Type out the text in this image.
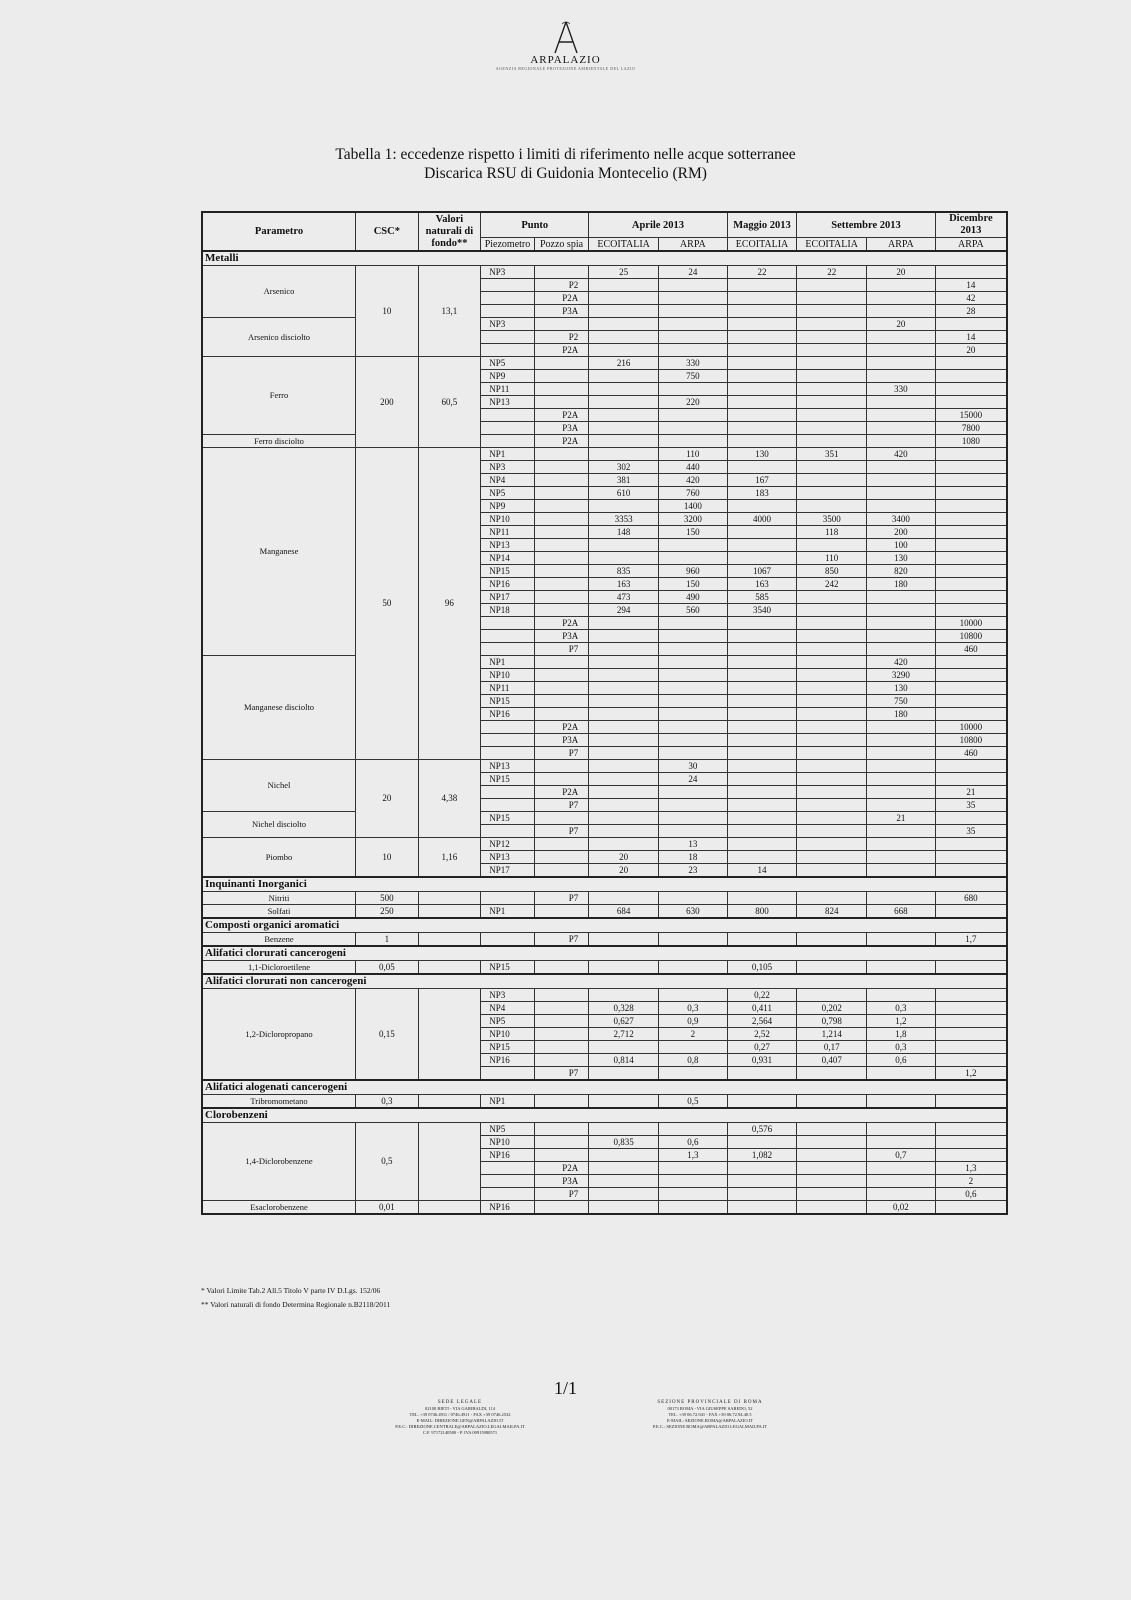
ARPALAZIO
AGENZIA REGIONALE PROTEZIONE AMBIENTALE DEL LAZIO
Tabella 1: eccedenze rispetto i limiti di riferimento nelle acque sotterranee
Discarica RSU di Guidonia Montecelio (RM)
Parametro	CSC*	Valori naturali di fondo**	Punto		Aprile 2013		Maggio 2013	Settembre 2013		Dicembre 2013
			Piezometro	Pozzo spia	ECOITALIA	ARPA	ECOITALIA	ECOITALIA	ARPA	ARPA
Metalli										
Arsenico	10	13,1	NP3		25	24	22	22	20	
				P2						14
				P2A						42
				P3A						28
Arsenico disciolto			NP3						20	
				P2						14
				P2A						20
Ferro	200	60,5	NP5		216	330				
			NP9			750				
			NP11						330	
			NP13			220				
				P2A						15000
				P3A						7800
Ferro disciolto				P2A						1080
Manganese	50	96	NP1			110	130	351	420	
			NP3		302	440				
			NP4		381	420	167			
			NP5		610	760	183			
			NP9			1400				
			NP10		3353	3200	4000	3500	3400	
			NP11		148	150		118	200	
			NP13						100	
			NP14					110	130	
			NP15		835	960	1067	850	820	
			NP16		163	150	163	242	180	
			NP17		473	490	585			
			NP18		294	560	3540			
				P2A						10000
				P3A						10800
				P7						460
Manganese disciolto			NP1						420	
			NP10						3290	
			NP11						130	
			NP15						750	
			NP16						180	
				P2A						10000
				P3A						10800
				P7						460
Nichel	20	4,38	NP13			30				
			NP15			24				
				P2A						21
				P7						35
Nichel disciolto			NP15						21	
				P7						35
Piombo	10	1,16	NP12			13				
			NP13		20	18				
			NP17		20	23	14			
Inquinanti Inorganici										
Nitriti	500			P7						680
Solfati	250		NP1		684	630	800	824	668	
Composti organici aromatici										
Benzene	1			P7						1,7
Alifatici clorurati cancerogeni										
1,1-Dicloroetilene	0,05		NP15				0,105			
Alifatici clorurati non cancerogeni										
1,2-Dicloropropano	0,15		NP3				0,22			
			NP4		0,328	0,3	0,411	0,202	0,3	
			NP5		0,627	0,9	2,564	0,798	1,2	
			NP10		2,712	2	2,52	1,214	1,8	
			NP15				0,27	0,17	0,3	
			NP16		0,814	0,8	0,931	0,407	0,6	
				P7						1,2
Alifatici alogenati cancerogeni										
Tribromometano	0,3		NP1			0,5				
Clorobenzeni										
1,4-Diclorobenzene	0,5		NP5				0,576			
			NP10		0,835	0,6				
			NP16			1,3	1,082		0,7	
				P2A						1,3
				P3A						2
				P7						0,6
Esaclorobenzene	0,01		NP16						0,02	
* Valori Limite Tab.2 All.5 Titolo V parte IV D.Lgs. 152/06
** Valori naturali di fondo Determina Regionale n.B2118/2011
1/1
SEDE LEGALE
02100 RIETI - VIA GARIBALDI, 114
TEL. +39 0746.4911 / 0746.4911 - FAX +39 0746.2532
E-MAIL: DIREZIONE.GEN@ARPALAZIO.IT
P.E.C.: DIREZIONE.CENTRALE@ARPALAZIO.LEGALMAILPA.IT
C.F. 97172140580 - P. IVA 00915980571
SEZIONE PROVINCIALE DI ROMA
00173 ROMA - VIA GIUSEPPE SAREDO, 52
TEL. +39 06.72.941 - FAX +39 06.72.94.40.5
E-MAIL: SEZIONE.ROMA@ARPALAZIO.IT
P.E.C.: SEZIONE.ROMA@ARPALAZIO.LEGALMAILPA.IT
